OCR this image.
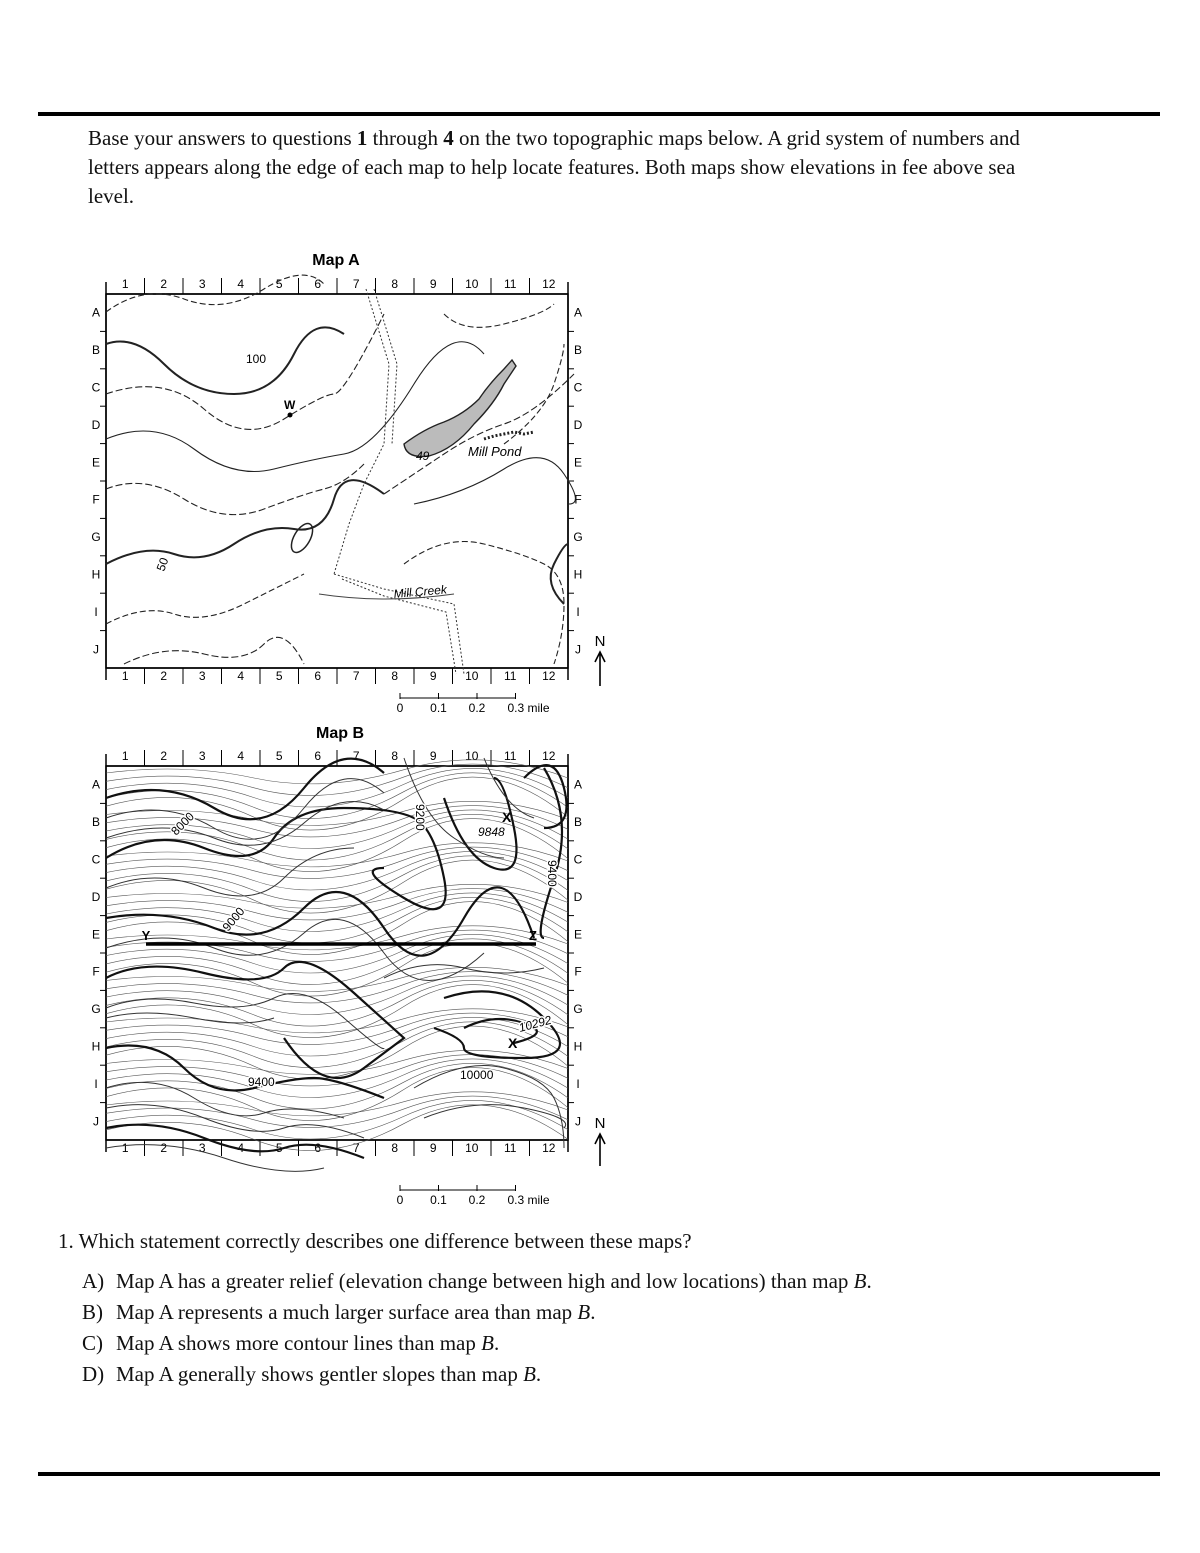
Base your answers to questions 1 through 4 on the two topographic maps below. A grid system of numbers and letters appears along the edge of each map to help locate features. Both maps show elevations in fee above sea level.
Map A
1	2	3	4	5	6	7	8	9 10 11 12
1	2	3	4	5	6	7	8	9 10 11 12
A
B
C
D
E
F
G
H
I
J
A
B
C
D
E
F
G
H
I
J
100
50
49
W
Mill Pond
Mill Creek
N
0 0.1 0.2 0.3 mile
Map B
1	2	3	4	5	6	7	8	9 10 11 12
1	2	3	4	5	6	7	8	9 10 11 12
A
B
C
D
E
F
G
H
I
J
A
B
C
D
E
F
G
H
I
J
Y	Z
8000
9000
9200
9848
X
9400
10292
X
10000
9400
N
0 0.1 0.2 0.3 mile
1. Which statement correctly describes one difference between these maps?
A) Map A has a greater relief (elevation change between high and low locations) than map B.
B) Map A represents a much larger surface area than map B.
C) Map A shows more contour lines than map B.
D) Map A generally shows gentler slopes than map B.
